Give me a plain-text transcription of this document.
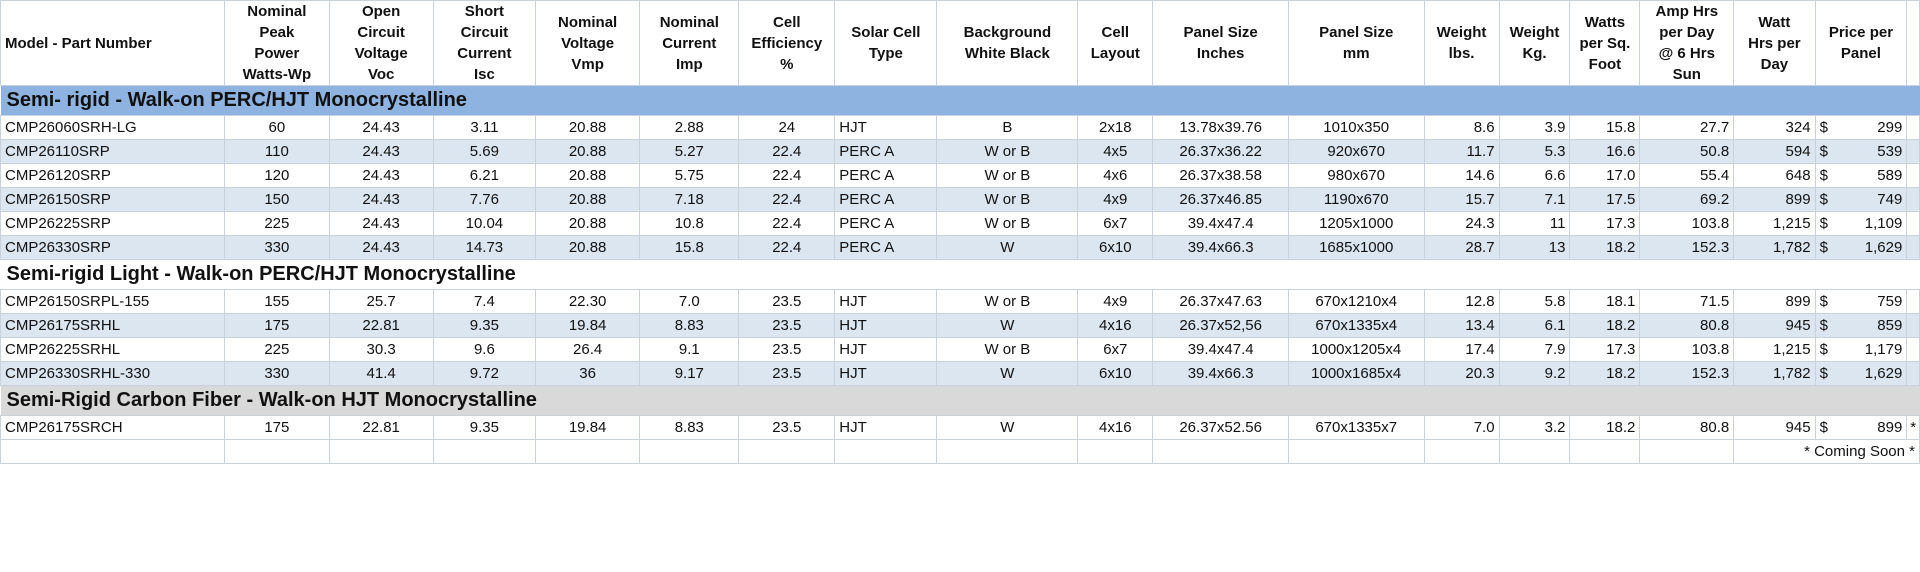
Model - Part Number	Nominal
Peak
Power
Watts-Wp	Open
Circuit
Voltage
Voc	Short
Circuit
Current
Isc	Nominal
Voltage
Vmp	Nominal
Current
Imp	Cell
Efficiency
%	Solar Cell
Type	Background
White Black	Cell
Layout	Panel Size
Inches	Panel Size
mm	Weight
lbs.	Weight
Kg.	Watts
per Sq.
Foot	Amp Hrs
per Day
@ 6 Hrs
Sun	Watt
Hrs per
Day	Price per
Panel	

Semi- rigid - Walk-on PERC/HJT Monocrystalline																		
CMP26060SRH-LG	60	24.43	3.11	20.88	2.88	24	HJT	B	2x18	13.78x39.76	1010x350	8.6	3.9	15.8	27.7	324	$ 299	

CMP26110SRP	110	24.43	5.69	20.88	5.27	22.4	PERC A	W or B	4x5	26.37x36.22	920x670	11.7	5.3	16.6	50.8	594	$ 539	

CMP26120SRP	120	24.43	6.21	20.88	5.75	22.4	PERC A	W or B	4x6	26.37x38.58	980x670	14.6	6.6	17.0	55.4	648	$ 589	

CMP26150SRP	150	24.43	7.76	20.88	7.18	22.4	PERC A	W or B	4x9	26.37x46.85	1190x670	15.7	7.1	17.5	69.2	899	$ 749	

CMP26225SRP	225	24.43	10.04	20.88	10.8	22.4	PERC A	W or B	6x7	39.4x47.4	1205x1000	24.3	11	17.3	103.8	1,215	$ 1,109	

CMP26330SRP	330	24.43	14.73	20.88	15.8	22.4	PERC A	W	6x10	39.4x66.3	1685x1000	28.7	13	18.2	152.3	1,782	$ 1,629	

Semi-rigid Light - Walk-on PERC/HJT Monocrystalline																		
CMP26150SRPL-155	155	25.7	7.4	22.30	7.0	23.5	HJT	W or B	4x9	26.37x47.63	670x1210x4	12.8	5.8	18.1	71.5	899	$ 759	

CMP26175SRHL	175	22.81	9.35	19.84	8.83	23.5	HJT	W	4x16	26.37x52,56	670x1335x4	13.4	6.1	18.2	80.8	945	$ 859	

CMP26225SRHL	225	30.3	9.6	26.4	9.1	23.5	HJT	W or B	6x7	39.4x47.4	1000x1205x4	17.4	7.9	17.3	103.8	1,215	$ 1,179	

CMP26330SRHL-330	330	41.4	9.72	36	9.17	23.5	HJT	W	6x10	39.4x66.3	1000x1685x4	20.3	9.2	18.2	152.3	1,782	$ 1,629	

Semi-Rigid Carbon Fiber - Walk-on HJT Monocrystalline																		
CMP26175SRCH	175	22.81	9.35	19.84	8.83	23.5	HJT	W	4x16	26.37x52.56	670x1335x7	7.0	3.2	18.2	80.8	945	$ 899	*
																* Coming Soon *		
